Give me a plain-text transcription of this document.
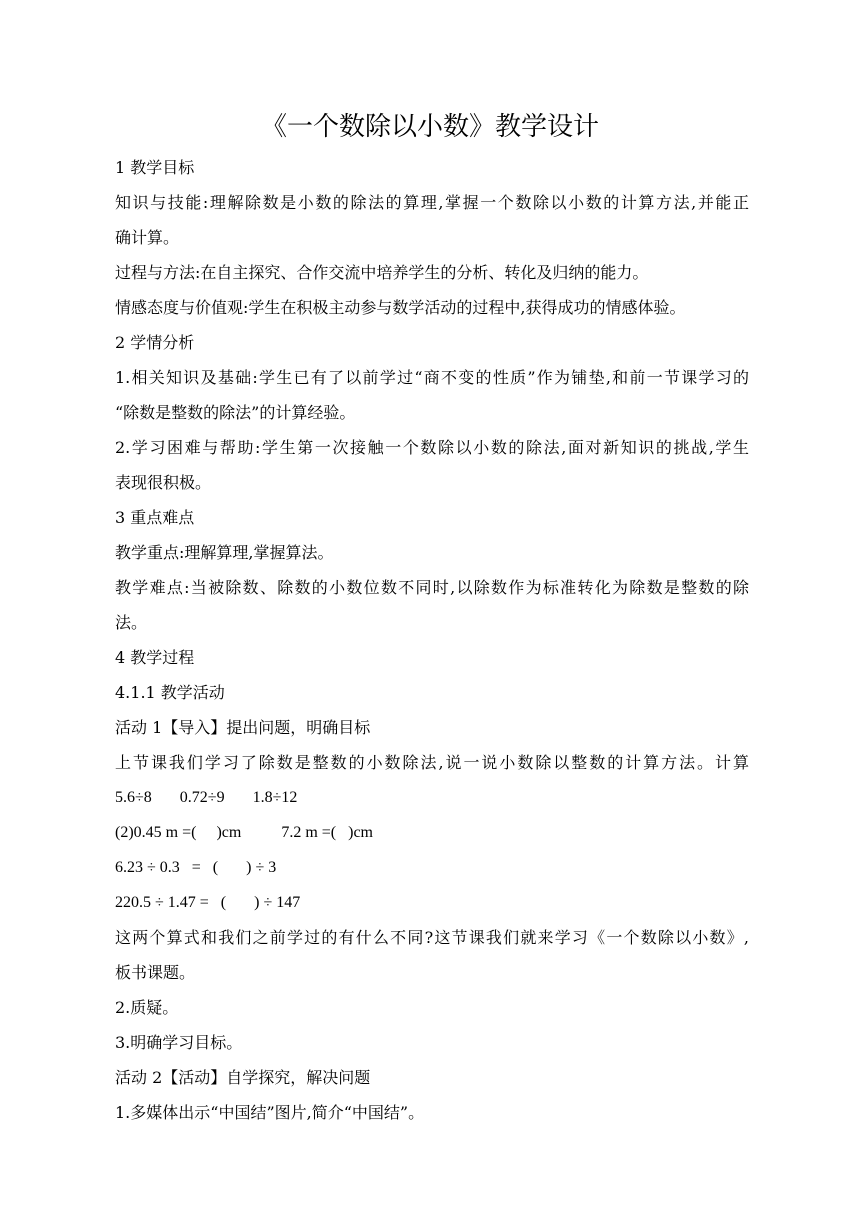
《一个数除以小数》教学设计
1 教学目标
知识与技能:理解除数是小数的除法的算理,掌握一个数除以小数的计算方法,并能正
确计算。
过程与方法:在自主探究、合作交流中培养学生的分析、转化及归纳的能力。
情感态度与价值观:学生在积极主动参与数学活动的过程中,获得成功的情感体验。
2 学情分析
1.相关知识及基础:学生已有了以前学过“商不变的性质”作为铺垫,和前一节课学习的
“除数是整数的除法”的计算经验。
2.学习困难与帮助:学生第一次接触一个数除以小数的除法,面对新知识的挑战,学生
表现很积极。
3 重点难点
教学重点:理解算理,掌握算法。
教学难点:当被除数、除数的小数位数不同时,以除数作为标准转化为除数是整数的除
法。
4 教学过程
4.1.1 教学活动
活动 1【导入】提出问题，明确目标
上节课我们学习了除数是整数的小数除法,说一说小数除以整数的计算方法。计算
5.6÷8       0.72÷9       1.8÷12
(2)0.45 m =(     )cm          7.2 m =(   )cm
6.23 ÷ 0.3   =   (       ) ÷ 3
220.5 ÷ 1.47 =   (       ) ÷ 147
这两个算式和我们之前学过的有什么不同?这节课我们就来学习《一个数除以小数》,
板书课题。
2.质疑。
3.明确学习目标。
活动 2【活动】自学探究，解决问题
1.多媒体出示“中国结”图片,简介“中国结”。
